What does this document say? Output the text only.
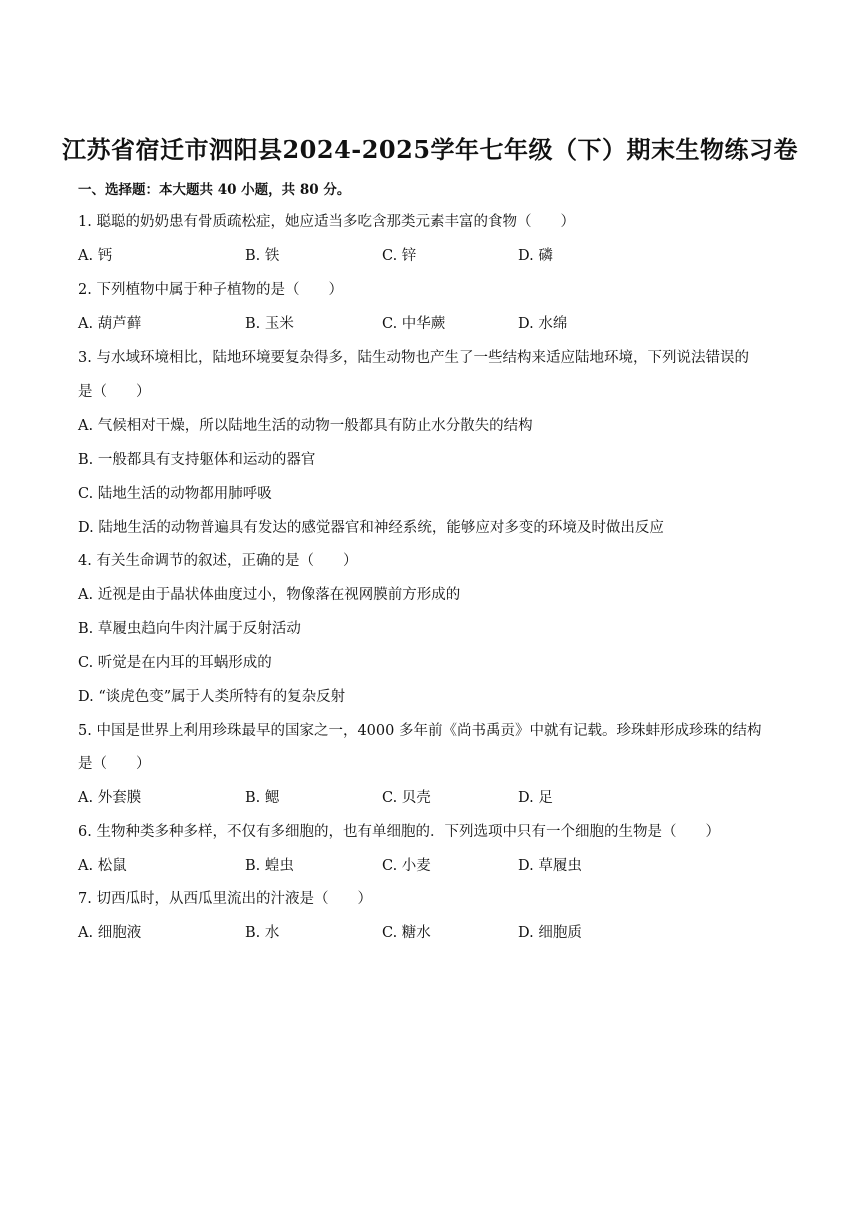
江苏省宿迁市泗阳县2024-2025学年七年级（下）期末生物练习卷
一、选择题：本大题共 40 小题，共 80 分。
1. 聪聪的奶奶患有骨质疏松症，她应适当多吃含那类元素丰富的食物（　　）
A. 钙	B. 铁	C. 锌	D. 磷
2. 下列植物中属于种子植物的是（　　）
A. 葫芦藓	B. 玉米	C. 中华蕨	D. 水绵
3. 与水域环境相比，陆地环境要复杂得多，陆生动物也产生了一些结构来适应陆地环境，下列说法错误的
是（　　）
A. 气候相对干燥，所以陆地生活的动物一般都具有防止水分散失的结构
B. 一般都具有支持躯体和运动的器官
C. 陆地生活的动物都用肺呼吸
D. 陆地生活的动物普遍具有发达的感觉器官和神经系统，能够应对多变的环境及时做出反应
4. 有关生命调节的叙述，正确的是（　　）
A. 近视是由于晶状体曲度过小，物像落在视网膜前方形成的
B. 草履虫趋向牛肉汁属于反射活动
C. 听觉是在内耳的耳蜗形成的
D. “谈虎色变”属于人类所特有的复杂反射
5. 中国是世界上利用珍珠最早的国家之一，4000 多年前《尚书禹贡》中就有记载。珍珠蚌形成珍珠的结构
是（　　）
A. 外套膜	B. 鳃	C. 贝壳	D. 足
6. 生物种类多种多样，不仅有多细胞的，也有单细胞的．下列选项中只有一个细胞的生物是（　　）
A. 松鼠	B. 蝗虫	C. 小麦	D. 草履虫
7. 切西瓜时，从西瓜里流出的汁液是（　　）
A. 细胞液	B. 水	C. 糖水	D. 细胞质
